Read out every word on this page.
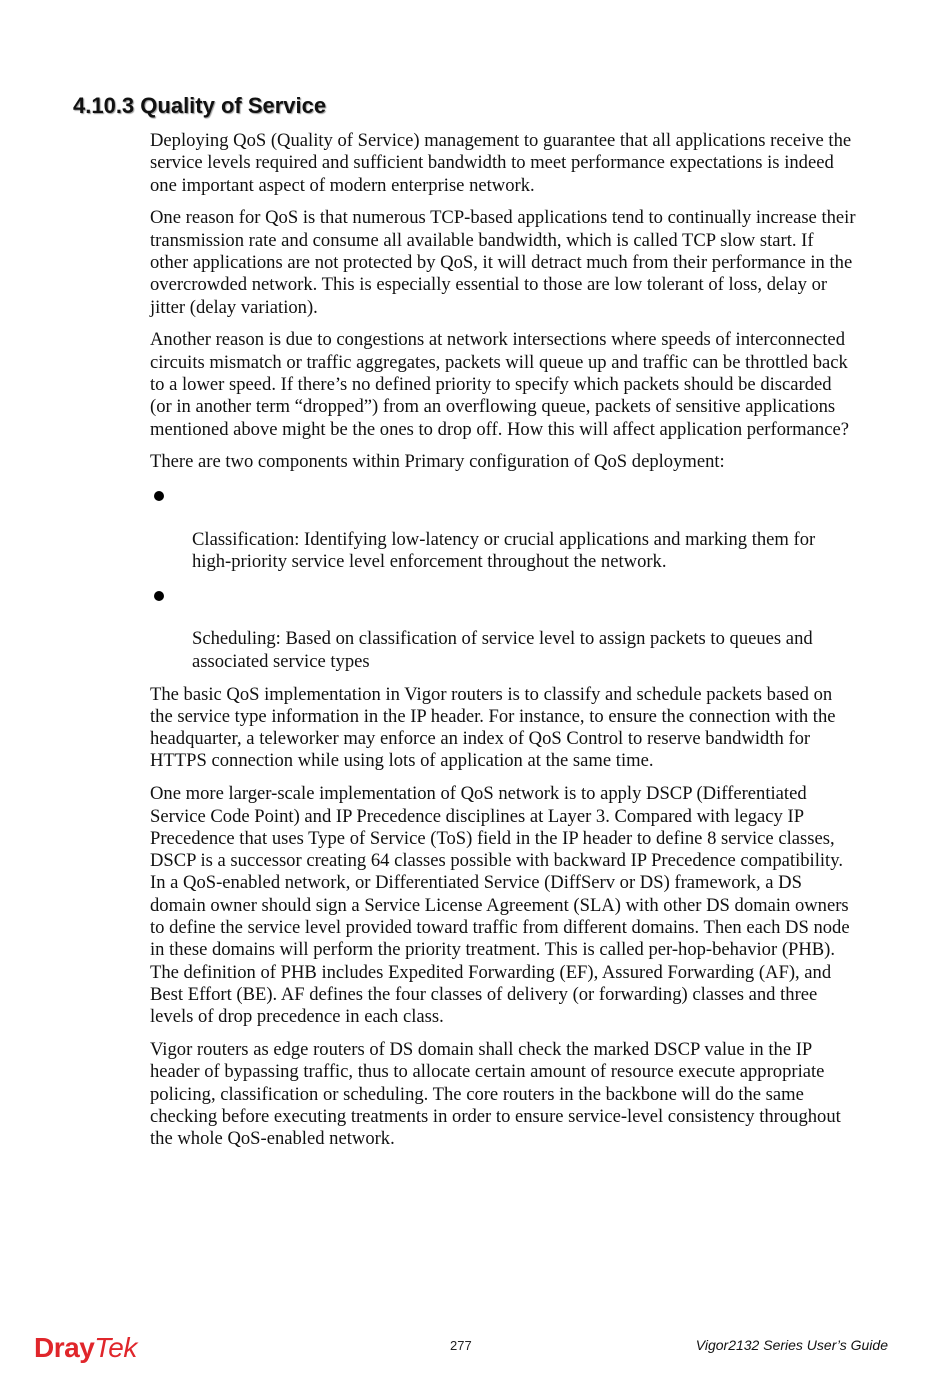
4.10.3 Quality of Service

Deploying QoS (Quality of Service) management to guarantee that all applications receive the
service levels required and sufficient bandwidth to meet performance expectations is indeed
one important aspect of modern enterprise network.

One reason for QoS is that numerous TCP-based applications tend to continually increase their
transmission rate and consume all available bandwidth, which is called TCP slow start. If
other applications are not protected by QoS, it will detract much from their performance in the
overcrowded network. This is especially essential to those are low tolerant of loss, delay or
jitter (delay variation).

Another reason is due to congestions at network intersections where speeds of interconnected
circuits mismatch or traffic aggregates, packets will queue up and traffic can be throttled back
to a lower speed. If there’s no defined priority to specify which packets should be discarded
(or in another term “dropped”) from an overflowing queue, packets of sensitive applications
mentioned above might be the ones to drop off. How this will affect application performance?

There are two components within Primary configuration of QoS deployment:

Classification: Identifying low-latency or crucial applications and marking them for
high-priority service level enforcement throughout the network.

Scheduling: Based on classification of service level to assign packets to queues and
associated service types

The basic QoS implementation in Vigor routers is to classify and schedule packets based on
the service type information in the IP header. For instance, to ensure the connection with the
headquarter, a teleworker may enforce an index of QoS Control to reserve bandwidth for
HTTPS connection while using lots of application at the same time.

One more larger-scale implementation of QoS network is to apply DSCP (Differentiated
Service Code Point) and IP Precedence disciplines at Layer 3. Compared with legacy IP
Precedence that uses Type of Service (ToS) field in the IP header to define 8 service classes,
DSCP is a successor creating 64 classes possible with backward IP Precedence compatibility.
In a QoS-enabled network, or Differentiated Service (DiffServ or DS) framework, a DS
domain owner should sign a Service License Agreement (SLA) with other DS domain owners
to define the service level provided toward traffic from different domains. Then each DS node
in these domains will perform the priority treatment. This is called per-hop-behavior (PHB).
The definition of PHB includes Expedited Forwarding (EF), Assured Forwarding (AF), and
Best Effort (BE). AF defines the four classes of delivery (or forwarding) classes and three
levels of drop precedence in each class.

Vigor routers as edge routers of DS domain shall check the marked DSCP value in the IP
header of bypassing traffic, thus to allocate certain amount of resource execute appropriate
policing, classification or scheduling. The core routers in the backbone will do the same
checking before executing treatments in order to ensure service-level consistency throughout
the whole QoS-enabled network.

DrayTek	277	Vigor2132 Series User’s Guide
